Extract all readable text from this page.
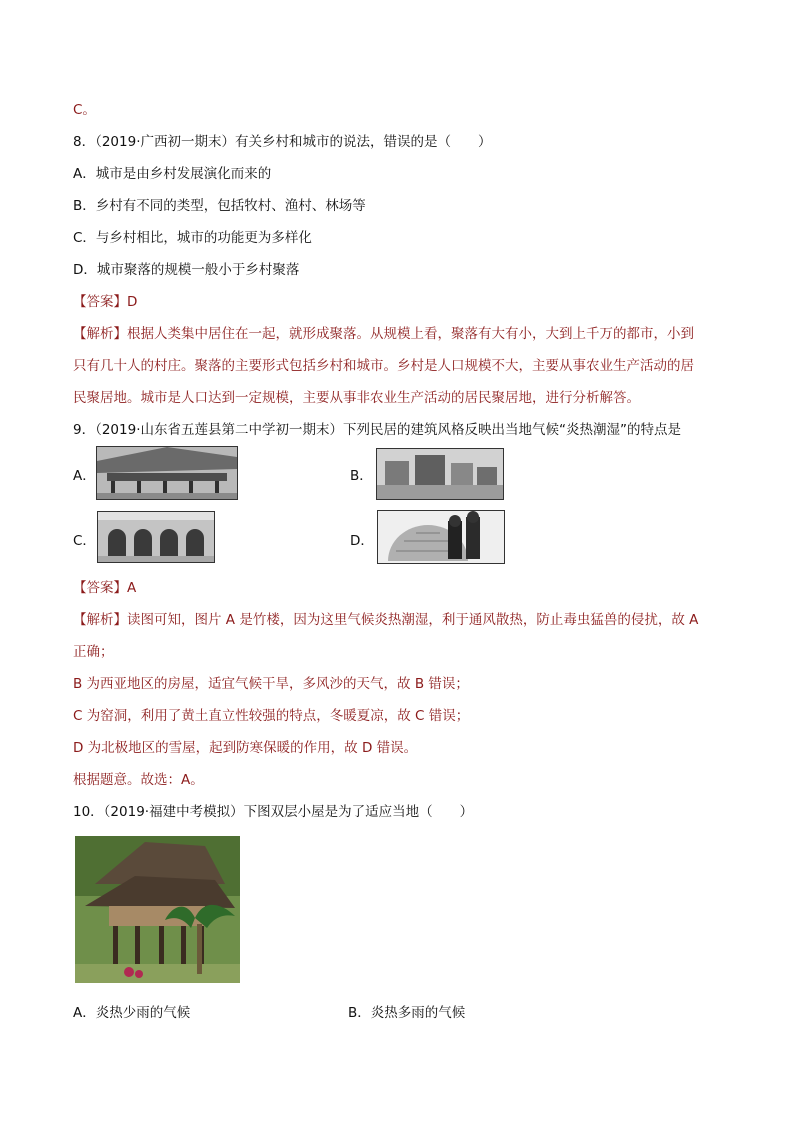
C。
8．（2019·广西初一期末）有关乡村和城市的说法，错误的是（　　）
A．城市是由乡村发展演化而来的
B．乡村有不同的类型，包括牧村、渔村、林场等
C．与乡村相比，城市的功能更为多样化
D．城市聚落的规模一般小于乡村聚落
【答案】D
【解析】根据人类集中居住在一起，就形成聚落。从规模上看，聚落有大有小，大到上千万的都市，小到
只有几十人的村庄。聚落的主要形式包括乡村和城市。乡村是人口规模不大，主要从事农业生产活动的居
民聚居地。城市是人口达到一定规模，主要从事非农业生产活动的居民聚居地，进行分析解答。
9．（2019·山东省五莲县第二中学初一期末）下列民居的建筑风格反映出当地气候“炎热潮湿”的特点是
A．	B．
C．	D．
【答案】A
【解析】读图可知，图片 A 是竹楼，因为这里气候炎热潮湿，利于通风散热，防止毒虫猛兽的侵扰，故 A
正确；
B 为西亚地区的房屋，适宜气候干旱，多风沙的天气，故 B 错误；
C 为窑洞，利用了黄土直立性较强的特点，冬暖夏凉，故 C 错误；
D 为北极地区的雪屋，起到防寒保暖的作用，故 D 错误。
根据题意。故选：A。
10．（2019·福建中考模拟）下图双层小屋是为了适应当地（　　）
A．炎热少雨的气候	B．炎热多雨的气候
